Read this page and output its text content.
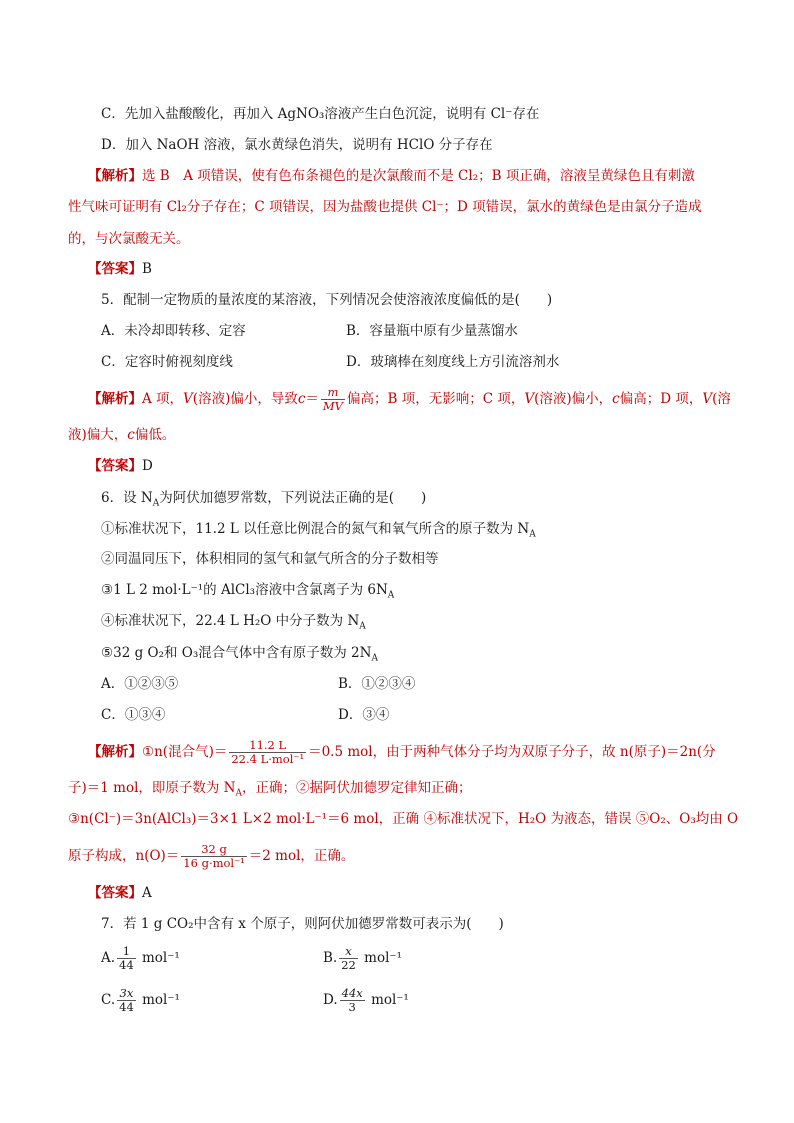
C．先加入盐酸酸化，再加入 AgNO₃溶液产生白色沉淀，说明有 Cl⁻存在
D．加入 NaOH 溶液，氯水黄绿色消失，说明有 HClO 分子存在
【解析】选 B　A 项错误，使有色布条褪色的是次氯酸而不是 Cl₂；B 项正确，溶液呈黄绿色且有刺激
性气味可证明有 Cl₂分子存在；C 项错误，因为盐酸也提供 Cl⁻；D 项错误，氯水的黄绿色是由氯分子造成
的，与次氯酸无关。
【答案】B
5．配制一定物质的量浓度的某溶液，下列情况会使溶液浓度偏低的是(　　)
A．未冷却即转移、定容	B．容量瓶中原有少量蒸馏水
C．定容时俯视刻度线	D．玻璃棒在刻度线上方引流溶剂水
【解析】A 项，V(溶液)偏小，导致$c= \frac{m}{MV}$ 偏高；B 项，无影响；C 项，V(溶液)偏小，c偏高；D 项，V(溶
液)偏大，c偏低。
【答案】D
6．设 $N_A$为阿伏加德罗常数，下列说法正确的是(　　)
①标准状况下，11.2 L 以任意比例混合的氮气和氧气所含的原子数为 $N_A$
②同温同压下，体积相同的氢气和氩气所含的分子数相等
③1 L 2 mol·L⁻¹的 AlCl₃溶液中含氯离子为 $6N_A$
④标准状况下，22.4 L H₂O 中分子数为 $N_A$
⑤32 g O₂和 O₃混合气体中含有原子数为 $2N_A$
A．①②③⑤	B．①②③④
C．①③④	D．③④
【解析】①n(混合气)＝ $\frac{11.2 L}{\text{22.4 L·mol⁻¹}} =0.5$ mol，由于两种气体分子均为双原子分子，故 n(原子)＝2n(分
子)＝1 mol，即原子数为 $N_A$，正确；②据阿伏加德罗定律知正确；
③n(Cl⁻)＝3n(AlCl₃)＝3×1 L×2 mol·L⁻¹＝6 mol，正确 ④标准状况下，H₂O 为液态，错误 ⑤O₂、O₃均由 O
原子构成，$n(O)= \frac{32 g}{\text{16 g·mol⁻¹}} =2$ mol，正确。
【答案】A
7．若 1 g CO₂中含有 x 个原子，则阿伏加德罗常数可表示为(　　)
A. $\frac{1}{44} mol^{-1}$	B. $\frac{x}{22} mol^{-1}$
C. $\frac{3x}{44} mol^{-1}$	D. $\frac{44x}{3} mol^{-1}$
